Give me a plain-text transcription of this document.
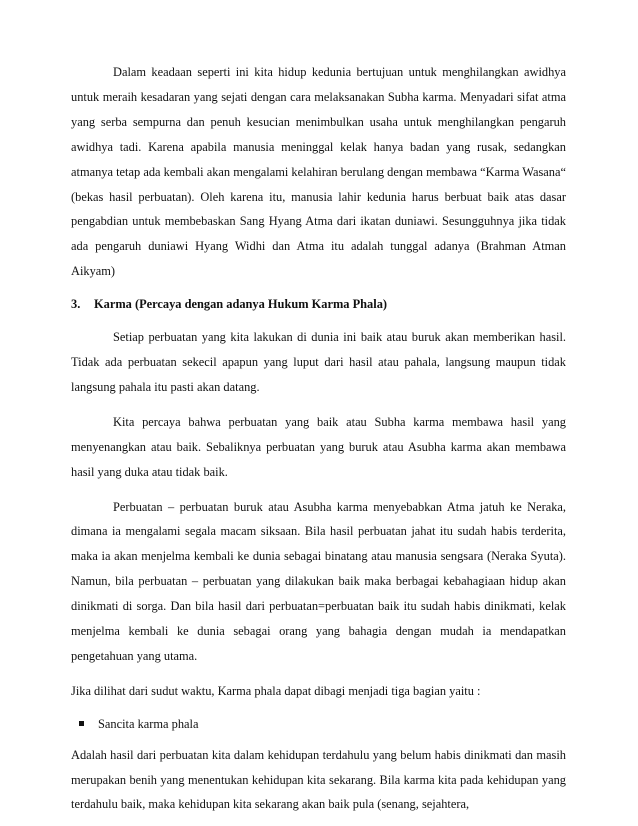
Dalam keadaan seperti ini kita hidup kedunia bertujuan untuk menghilangkan awidhya untuk meraih kesadaran yang sejati dengan cara melaksanakan Subha karma. Menyadari sifat atma yang serba sempurna dan penuh kesucian menimbulkan usaha untuk menghilangkan pengaruh awidhya tadi. Karena apabila manusia meninggal kelak hanya badan yang rusak, sedangkan atmanya tetap ada kembali akan mengalami kelahiran berulang dengan membawa “Karma Wasana“ (bekas hasil perbuatan). Oleh karena itu, manusia lahir kedunia harus berbuat baik atas dasar pengabdian untuk membebaskan Sang Hyang Atma dari ikatan duniawi. Sesungguhnya jika tidak ada pengaruh duniawi Hyang Widhi dan Atma itu adalah tunggal adanya (Brahman Atman Aikyam)

3.	Karma (Percaya dengan adanya Hukum Karma Phala)

Setiap perbuatan yang kita lakukan di dunia ini baik atau buruk akan memberikan hasil. Tidak ada perbuatan sekecil apapun yang luput dari hasil atau pahala, langsung maupun tidak langsung pahala itu pasti akan datang.

Kita percaya bahwa perbuatan yang baik atau Subha karma membawa hasil yang menyenangkan atau baik. Sebaliknya perbuatan yang buruk atau Asubha karma akan membawa hasil yang duka atau tidak baik.

Perbuatan – perbuatan buruk atau Asubha karma menyebabkan Atma jatuh ke Neraka, dimana ia mengalami segala macam siksaan. Bila hasil perbuatan jahat itu sudah habis terderita, maka ia akan menjelma kembali ke dunia sebagai binatang atau manusia sengsara (Neraka Syuta). Namun, bila perbuatan – perbuatan yang dilakukan baik maka berbagai kebahagiaan hidup akan dinikmati di sorga. Dan bila hasil dari perbuatan=perbuatan baik itu sudah habis dinikmati, kelak menjelma kembali ke dunia sebagai orang yang bahagia dengan mudah ia mendapatkan pengetahuan yang utama.

Jika dilihat dari sudut waktu, Karma phala dapat dibagi menjadi tiga bagian yaitu :

Sancita karma phala

Adalah hasil dari perbuatan kita dalam kehidupan terdahulu yang belum habis dinikmati dan masih merupakan benih yang menentukan kehidupan kita sekarang. Bila karma kita pada kehidupan yang terdahulu baik, maka kehidupan kita sekarang akan baik pula (senang, sejahtera,
